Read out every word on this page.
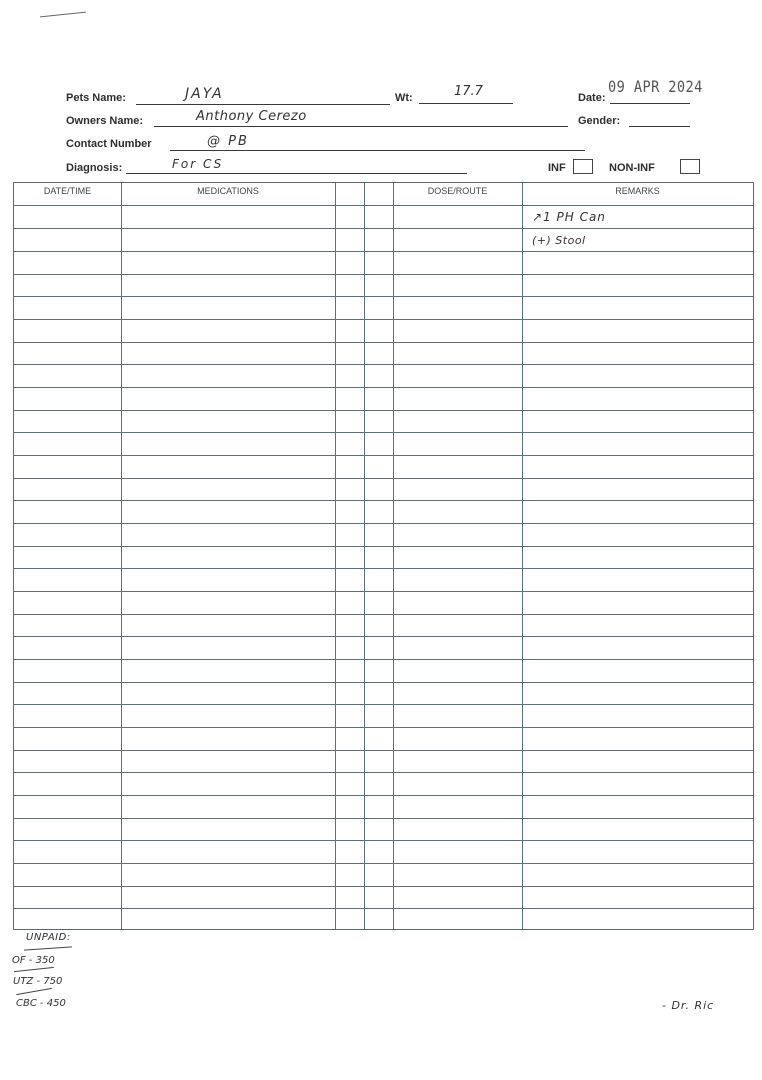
Pets Name:	JAYA	Wt:	17.7	Date:
09 APR 2024
Owners Name:	Anthony Cerezo	Gender:
Contact Number	@ PB
Diagnosis:	For CS	INF	NON-INF
DATE/TIME	MEDICATIONS	DOSE/ROUTE	REMARKS
↗1 PH Can
(+) Stool
UNPAID:
OF - 350
UTZ - 750
CBC - 450	- Dr. Ric
